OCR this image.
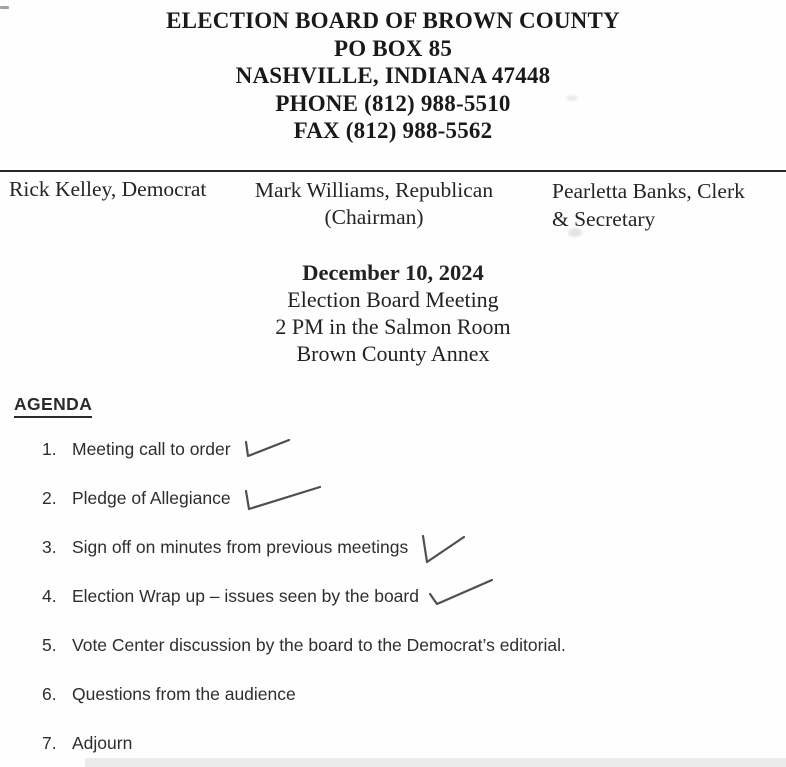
ELECTION BOARD OF BROWN COUNTY
PO BOX 85
NASHVILLE, INDIANA 47448
PHONE (812) 988-5510
FAX (812) 988-5562
Rick Kelley, Democrat	Mark Williams, Republican
(Chairman)
Pearletta Banks, Clerk
& Secretary
December 10, 2024
Election Board Meeting
2 PM in the Salmon Room
Brown County Annex
AGENDA
1. Meeting call to order
2. Pledge of Allegiance
3. Sign off on minutes from previous meetings
4. Election Wrap up – issues seen by the board
5. Vote Center discussion by the board to the Democrat’s editorial.
6. Questions from the audience
7. Adjourn
